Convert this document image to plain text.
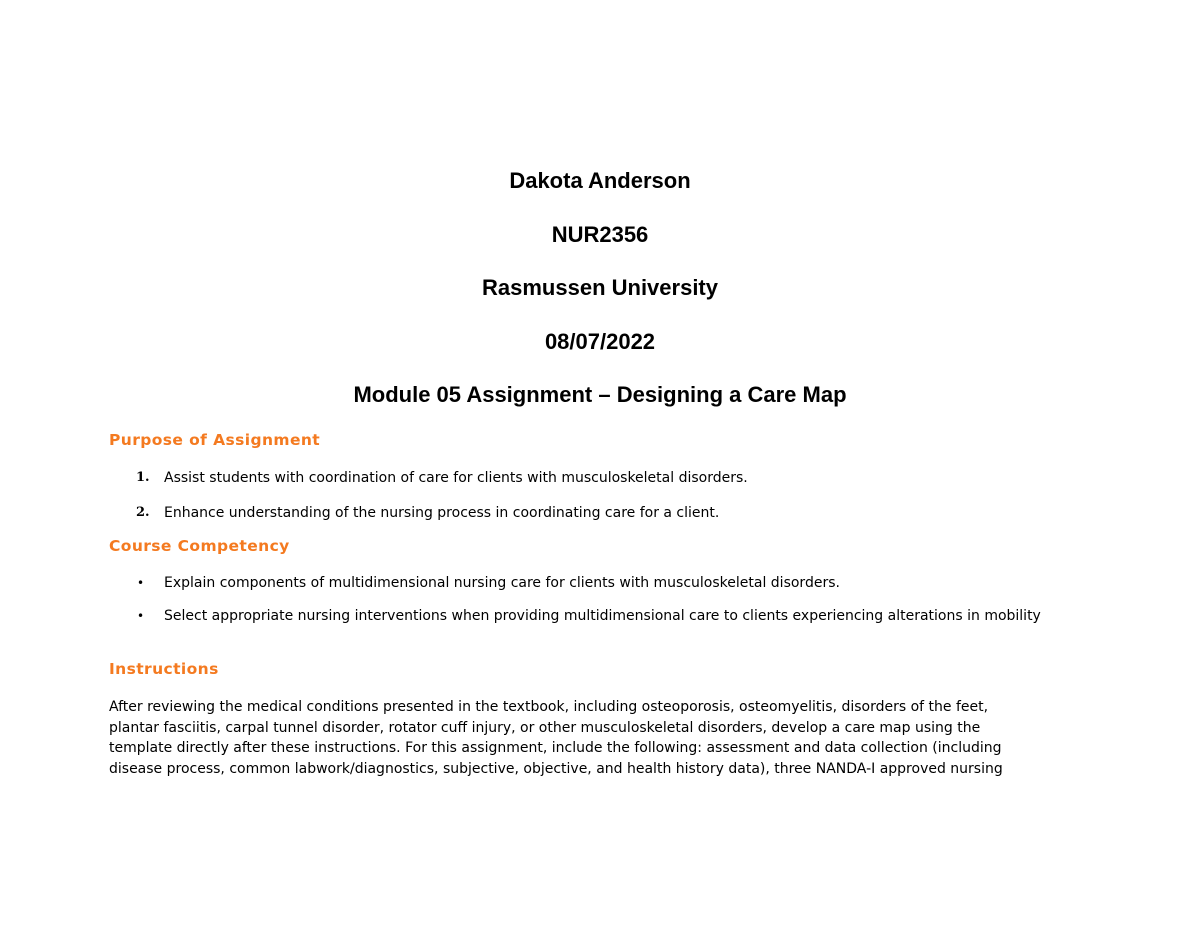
Dakota Anderson
NUR2356
Rasmussen University
08/07/2022
Module 05 Assignment – Designing a Care Map
Purpose of Assignment
1. Assist students with coordination of care for clients with musculoskeletal disorders.
2. Enhance understanding of the nursing process in coordinating care for a client.
Course Competency
• Explain components of multidimensional nursing care for clients with musculoskeletal disorders.
• Select appropriate nursing interventions when providing multidimensional care to clients experiencing alterations in mobility
Instructions
After reviewing the medical conditions presented in the textbook, including osteoporosis, osteomyelitis, disorders of the feet,
plantar fasciitis, carpal tunnel disorder, rotator cuff injury, or other musculoskeletal disorders, develop a care map using the
template directly after these instructions. For this assignment, include the following: assessment and data collection (including
disease process, common labwork/diagnostics, subjective, objective, and health history data), three NANDA-I approved nursing
